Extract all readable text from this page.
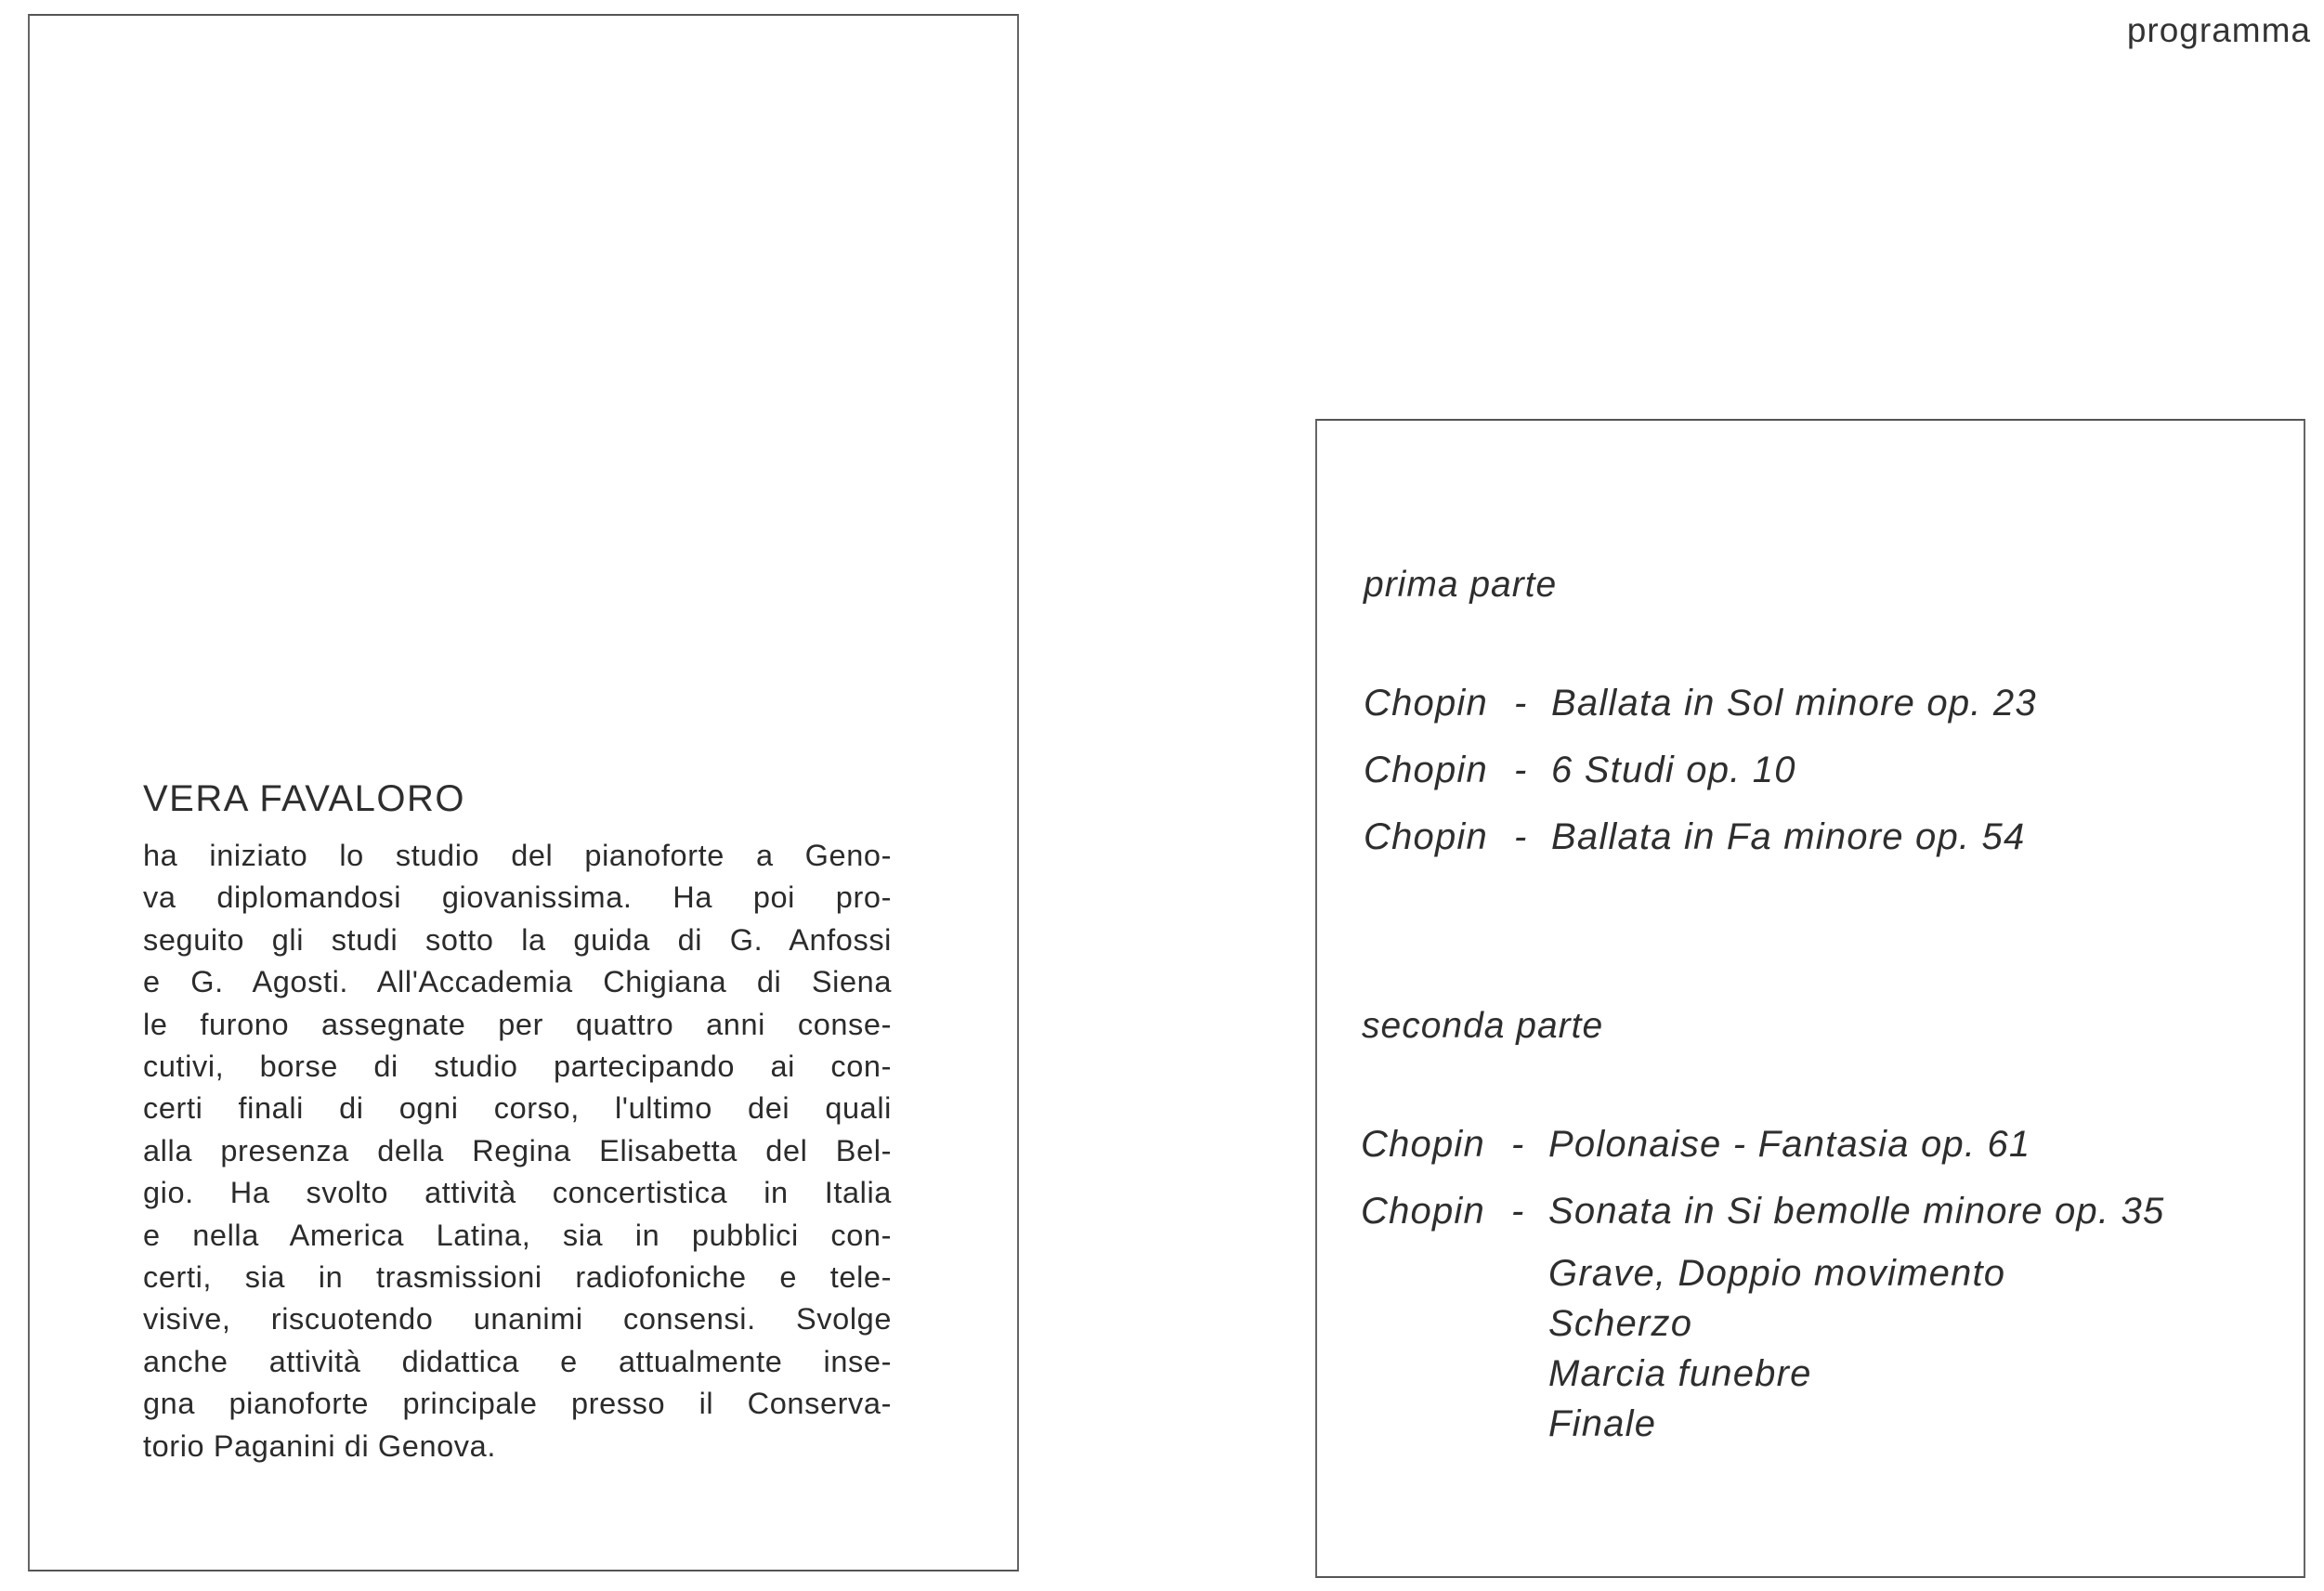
programma
VERA FAVALORO
ha iniziato lo studio del pianoforte a Geno-
va diplomandosi giovanissima. Ha poi pro-
seguito gli studi sotto la guida di G. Anfossi
e G. Agosti. All'Accademia Chigiana di Siena
le furono assegnate per quattro anni conse-
cutivi, borse di studio partecipando ai con-
certi finali di ogni corso, l'ultimo dei quali
alla presenza della Regina Elisabetta del Bel-
gio. Ha svolto attività concertistica in Italia
e nella America Latina, sia in pubblici con-
certi, sia in trasmissioni radiofoniche e tele-
visive, riscuotendo unanimi consensi. Svolge
anche attività didattica e attualmente inse-
gna pianoforte principale presso il Conserva-
torio Paganini di Genova.
prima parte
Chopin - Ballata in Sol minore op. 23
Chopin - 6 Studi op. 10
Chopin - Ballata in Fa minore op. 54
seconda parte
Chopin - Polonaise - Fantasia op. 61
Chopin - Sonata in Si bemolle minore op. 35
Grave, Doppio movimento
Scherzo
Marcia funebre
Finale
